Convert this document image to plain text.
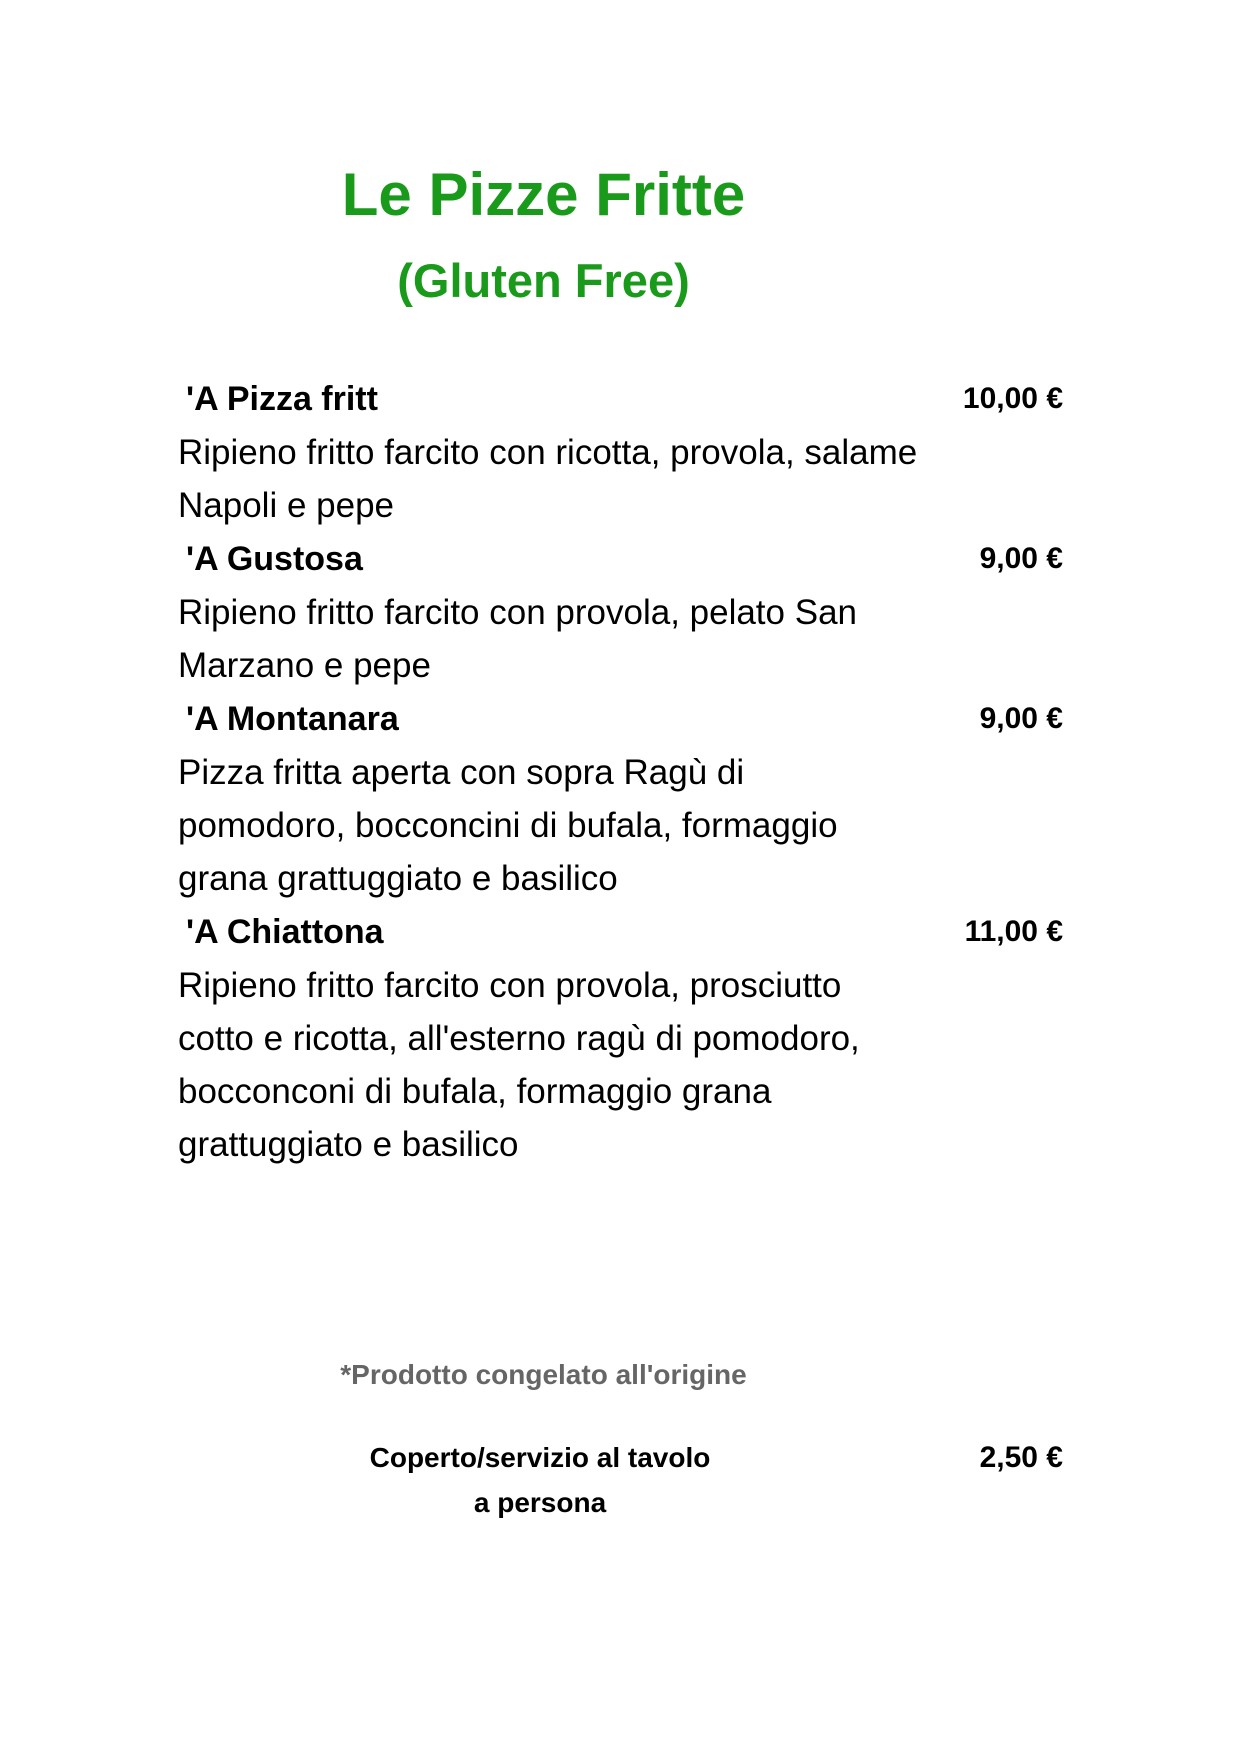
Le Pizze Fritte
(Gluten Free)
'A Pizza fritt	10,00 €
Ripieno fritto farcito con ricotta, provola, salame Napoli e pepe
'A Gustosa	9,00 €
Ripieno fritto farcito con provola, pelato San Marzano e pepe
'A Montanara	9,00 €
Pizza fritta aperta con sopra Ragù di pomodoro, bocconcini di bufala, formaggio grana grattuggiato e basilico
'A Chiattona	11,00 €
Ripieno fritto farcito con provola, prosciutto cotto e ricotta, all'esterno ragù di pomodoro, bocconconi di bufala, formaggio grana grattuggiato e basilico
*Prodotto congelato all'origine
Coperto/servizio al tavolo
a persona
2,50 €
